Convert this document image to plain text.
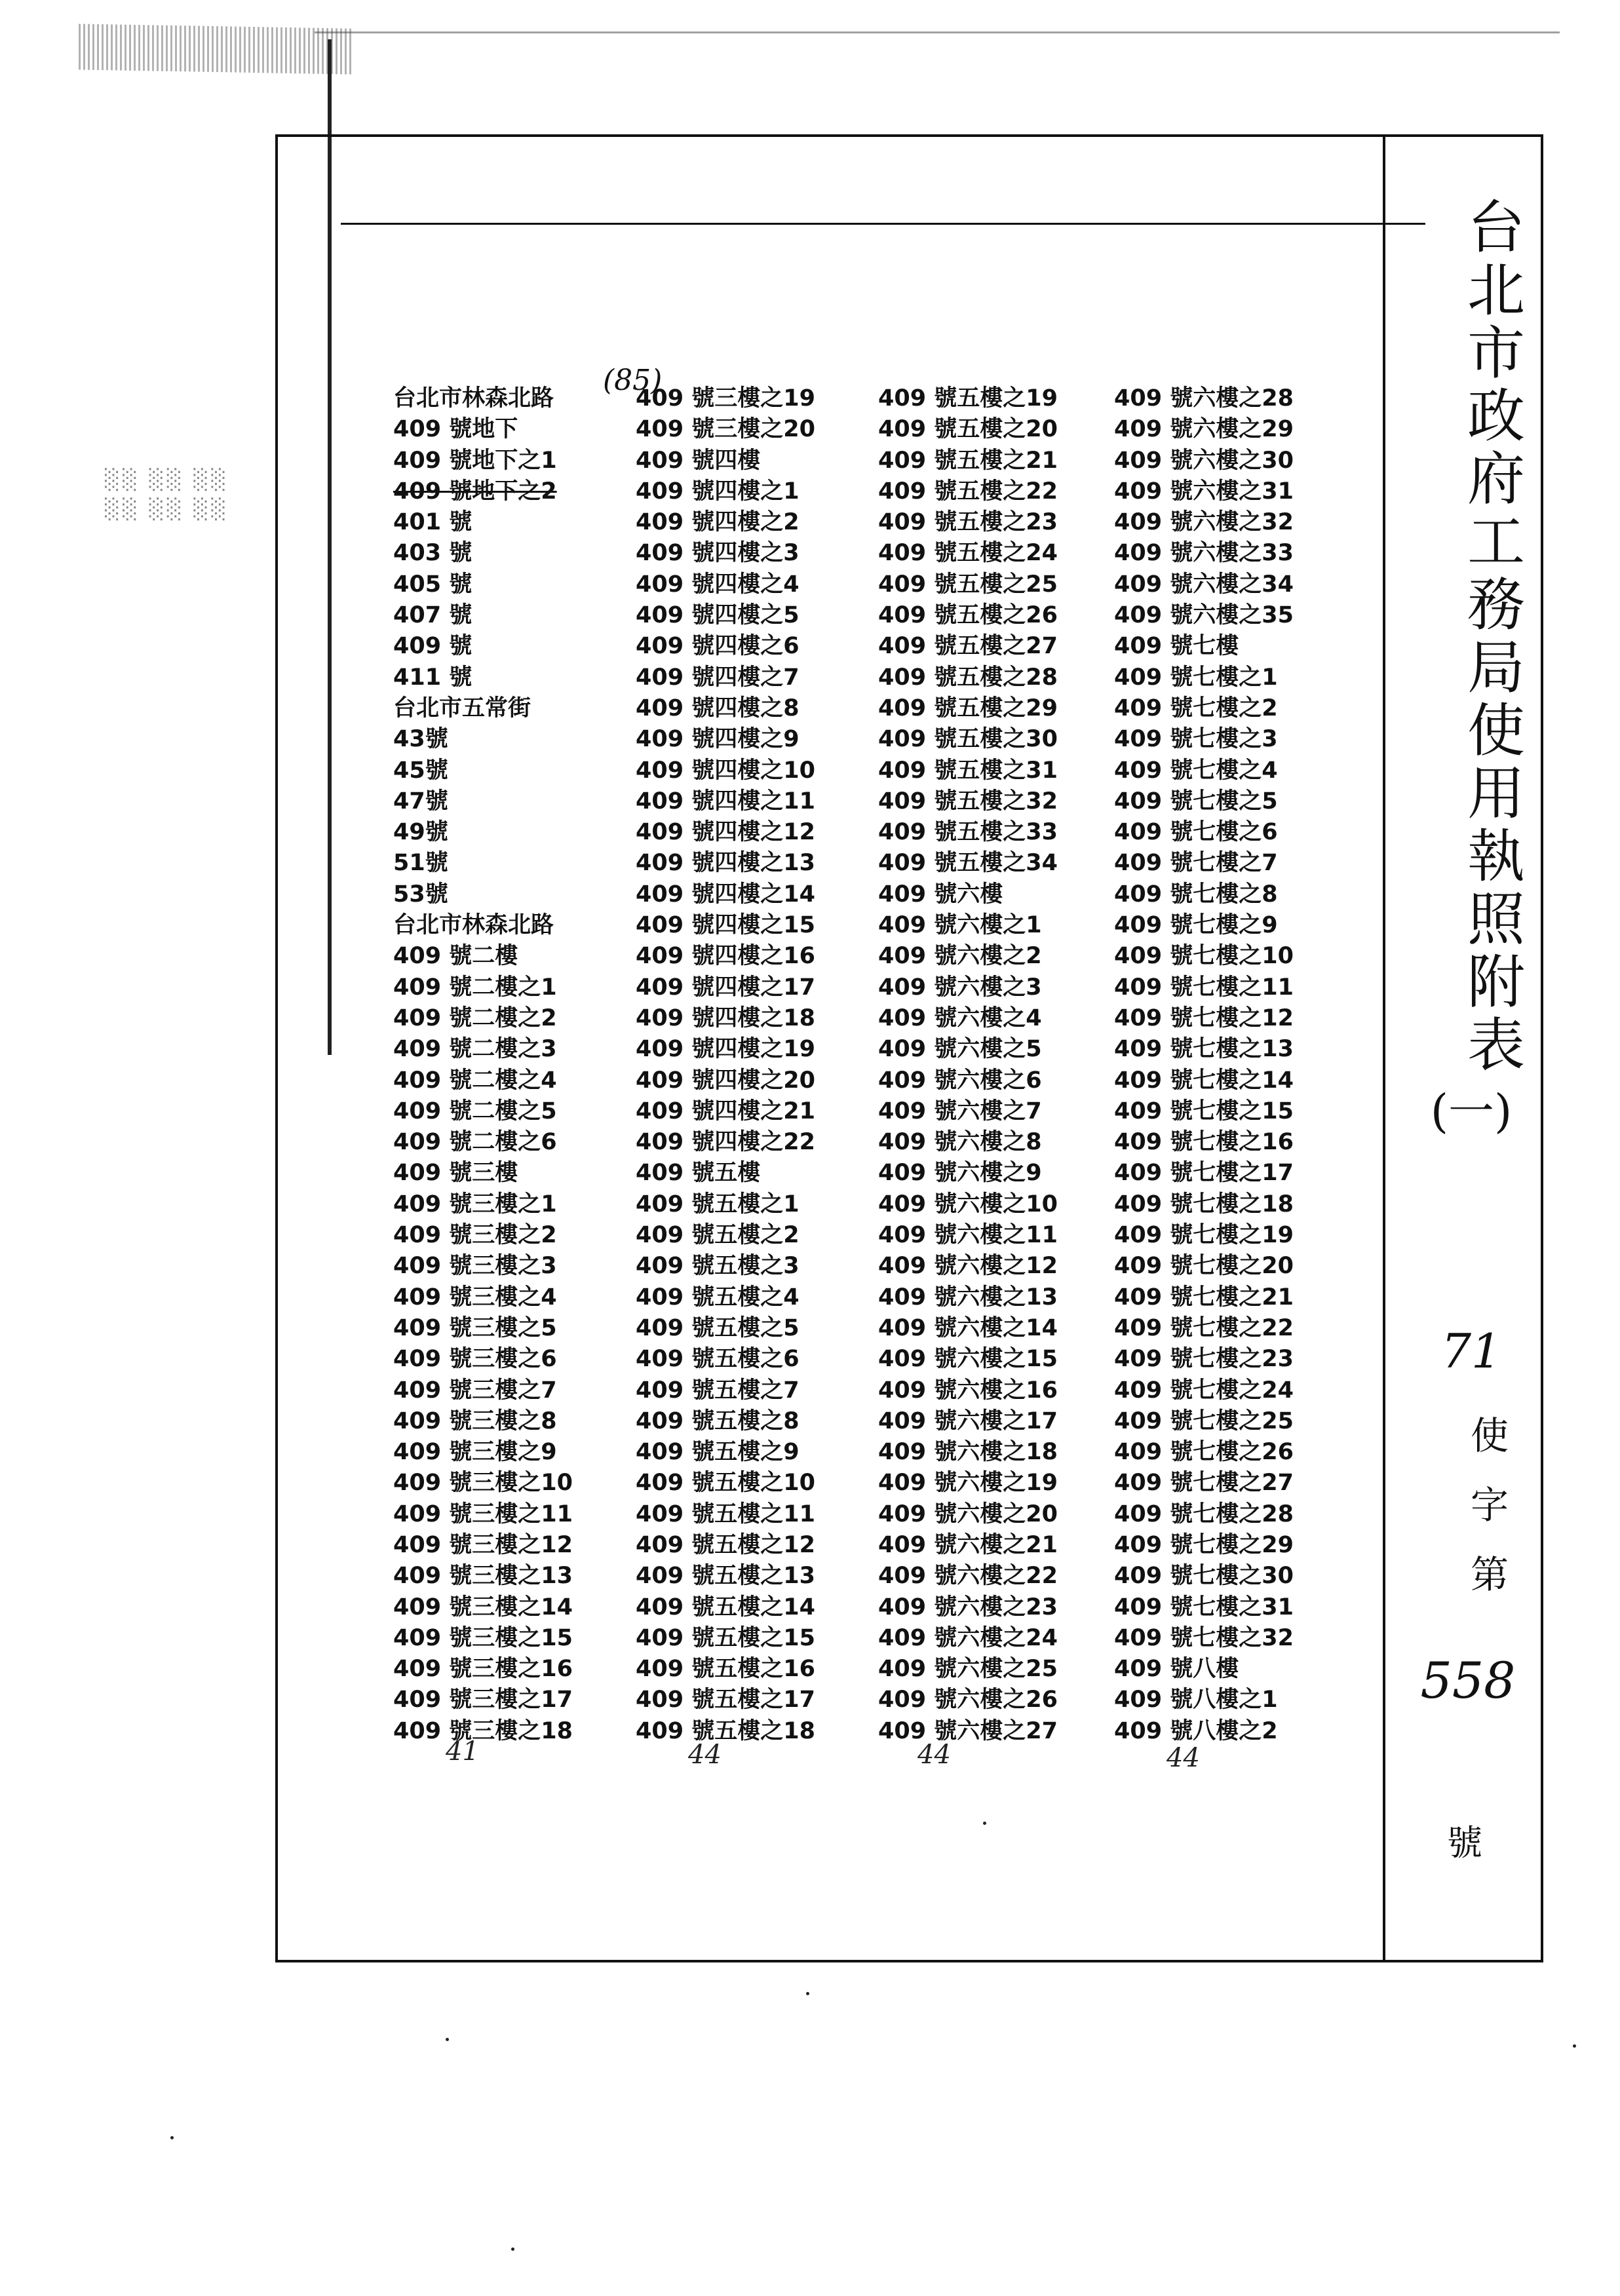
░░ ░░ ░░
░░ ░░ ░░	台北市政府工務局使用執照附表
(一)
71
使字第
558
號
(85)
台北市林森北路
409 號地下
409 號地下之1
409 號地下之2
401 號
403 號
405 號
407 號
409 號
411 號
台北市五常街
43號
45號
47號
49號
51號
53號
台北市林森北路
409 號二樓
409 號二樓之1
409 號二樓之2
409 號二樓之3
409 號二樓之4
409 號二樓之5
409 號二樓之6
409 號三樓
409 號三樓之1
409 號三樓之2
409 號三樓之3
409 號三樓之4
409 號三樓之5
409 號三樓之6
409 號三樓之7
409 號三樓之8
409 號三樓之9
409 號三樓之10
409 號三樓之11
409 號三樓之12
409 號三樓之13
409 號三樓之14
409 號三樓之15
409 號三樓之16
409 號三樓之17
409 號三樓之18
409 號三樓之19
409 號三樓之20
409 號四樓
409 號四樓之1
409 號四樓之2
409 號四樓之3
409 號四樓之4
409 號四樓之5
409 號四樓之6
409 號四樓之7
409 號四樓之8
409 號四樓之9
409 號四樓之10
409 號四樓之11
409 號四樓之12
409 號四樓之13
409 號四樓之14
409 號四樓之15
409 號四樓之16
409 號四樓之17
409 號四樓之18
409 號四樓之19
409 號四樓之20
409 號四樓之21
409 號四樓之22
409 號五樓
409 號五樓之1
409 號五樓之2
409 號五樓之3
409 號五樓之4
409 號五樓之5
409 號五樓之6
409 號五樓之7
409 號五樓之8
409 號五樓之9
409 號五樓之10
409 號五樓之11
409 號五樓之12
409 號五樓之13
409 號五樓之14
409 號五樓之15
409 號五樓之16
409 號五樓之17
409 號五樓之18
409 號五樓之19
409 號五樓之20
409 號五樓之21
409 號五樓之22
409 號五樓之23
409 號五樓之24
409 號五樓之25
409 號五樓之26
409 號五樓之27
409 號五樓之28
409 號五樓之29
409 號五樓之30
409 號五樓之31
409 號五樓之32
409 號五樓之33
409 號五樓之34
409 號六樓
409 號六樓之1
409 號六樓之2
409 號六樓之3
409 號六樓之4
409 號六樓之5
409 號六樓之6
409 號六樓之7
409 號六樓之8
409 號六樓之9
409 號六樓之10
409 號六樓之11
409 號六樓之12
409 號六樓之13
409 號六樓之14
409 號六樓之15
409 號六樓之16
409 號六樓之17
409 號六樓之18
409 號六樓之19
409 號六樓之20
409 號六樓之21
409 號六樓之22
409 號六樓之23
409 號六樓之24
409 號六樓之25
409 號六樓之26
409 號六樓之27
409 號六樓之28
409 號六樓之29
409 號六樓之30
409 號六樓之31
409 號六樓之32
409 號六樓之33
409 號六樓之34
409 號六樓之35
409 號七樓
409 號七樓之1
409 號七樓之2
409 號七樓之3
409 號七樓之4
409 號七樓之5
409 號七樓之6
409 號七樓之7
409 號七樓之8
409 號七樓之9
409 號七樓之10
409 號七樓之11
409 號七樓之12
409 號七樓之13
409 號七樓之14
409 號七樓之15
409 號七樓之16
409 號七樓之17
409 號七樓之18
409 號七樓之19
409 號七樓之20
409 號七樓之21
409 號七樓之22
409 號七樓之23
409 號七樓之24
409 號七樓之25
409 號七樓之26
409 號七樓之27
409 號七樓之28
409 號七樓之29
409 號七樓之30
409 號七樓之31
409 號七樓之32
409 號八樓
409 號八樓之1
409 號八樓之2
41	44	44	44
